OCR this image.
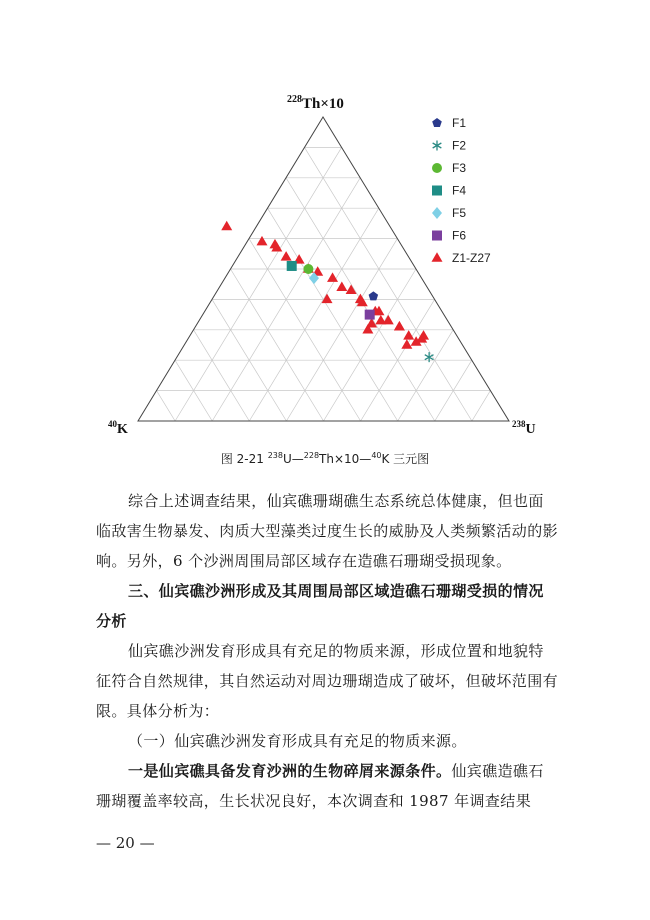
$^{228}$Th×10
$^{40}$K	$^{238}$U
F1
F2
F3
F4
F5
F6
Z1-Z27
图 2-21 $^{238}$U—$^{228}$Th×10—$^{40}$K 三元图

综合上述调查结果，仙宾礁珊瑚礁生态系统总体健康，但也面临敌害生物暴发、肉质大型藻类过度生长的威胁及人类频繁活动的影响。另外，6 个沙洲周围局部区域存在造礁石珊瑚受损现象。

三、仙宾礁沙洲形成及其周围局部区域造礁石珊瑚受损的情况分析

仙宾礁沙洲发育形成具有充足的物质来源，形成位置和地貌特征符合自然规律，其自然运动对周边珊瑚造成了破坏，但破坏范围有限。具体分析为：

（一）仙宾礁沙洲发育形成具有充足的物质来源。

一是仙宾礁具备发育沙洲的生物碎屑来源条件。仙宾礁造礁石珊瑚覆盖率较高，生长状况良好，本次调查和 1987 年调查结果

— 20 —
